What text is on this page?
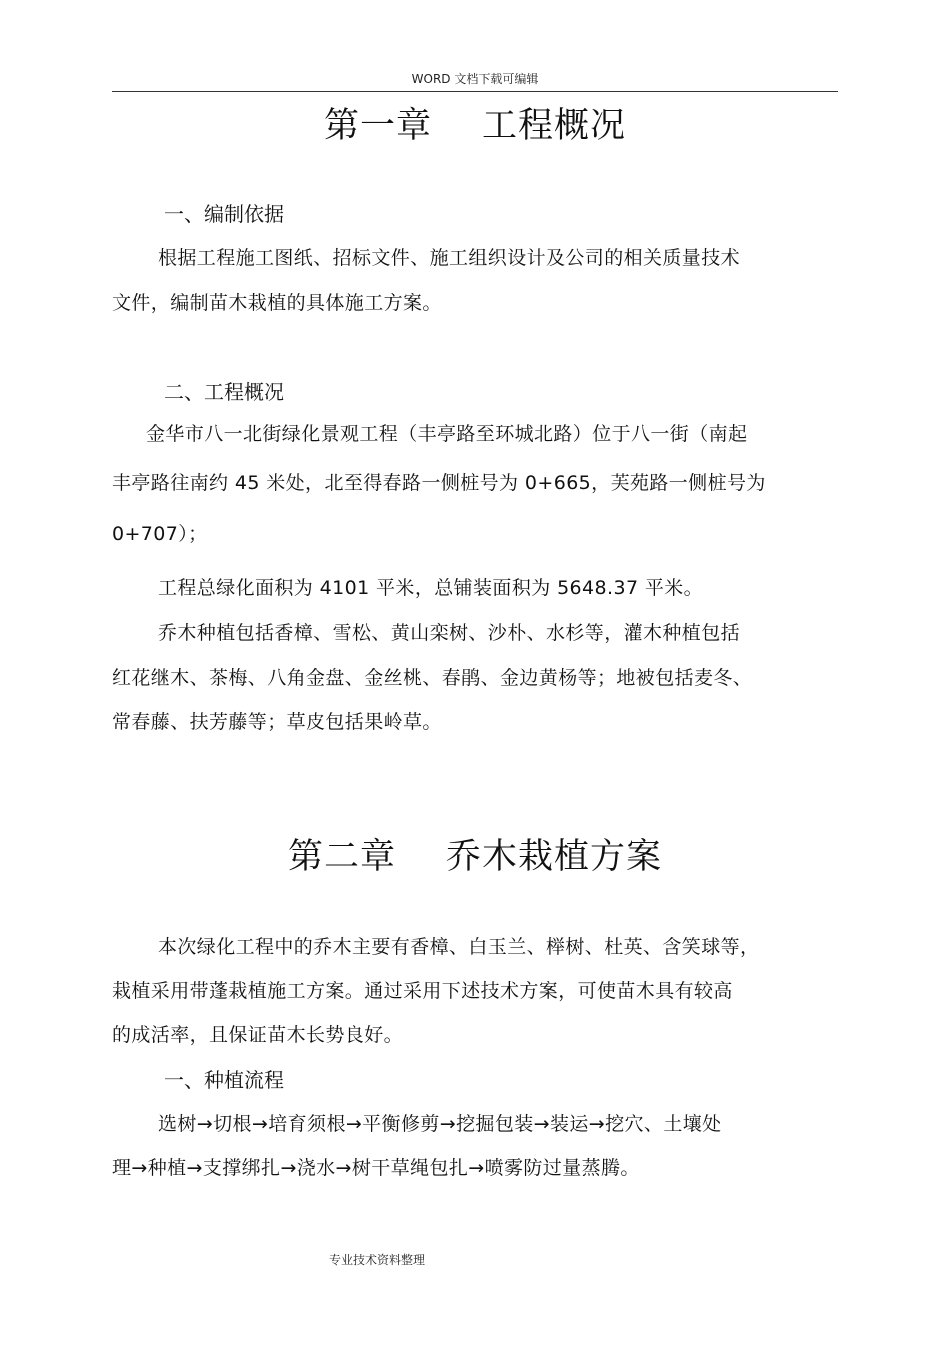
WORD 文档下载可编辑
第一章 工程概况
一、编制依据
根据工程施工图纸、招标文件、施工组织设计及公司的相关质量技术
文件，编制苗木栽植的具体施工方案。
二、工程概况
金华市八一北街绿化景观工程（丰亭路至环城北路）位于八一街（南起
丰亭路往南约 45 米处，北至得春路一侧桩号为 0+665，芙苑路一侧桩号为
0+707）；
工程总绿化面积为 4101 平米，总铺装面积为 5648.37 平米。
乔木种植包括香樟、雪松、黄山栾树、沙朴、水杉等，灌木种植包括
红花继木、茶梅、八角金盘、金丝桃、春鹃、金边黄杨等；地被包括麦冬、
常春藤、扶芳藤等；草皮包括果岭草。
第二章 乔木栽植方案
本次绿化工程中的乔木主要有香樟、白玉兰、榉树、杜英、含笑球等，
栽植采用带蓬栽植施工方案。通过采用下述技术方案，可使苗木具有较高
的成活率，且保证苗木长势良好。
一、种植流程
选树→切根→培育须根→平衡修剪→挖掘包装→装运→挖穴、土壤处
理→种植→支撑绑扎→浇水→树干草绳包扎→喷雾防过量蒸腾。
专业技术资料整理
